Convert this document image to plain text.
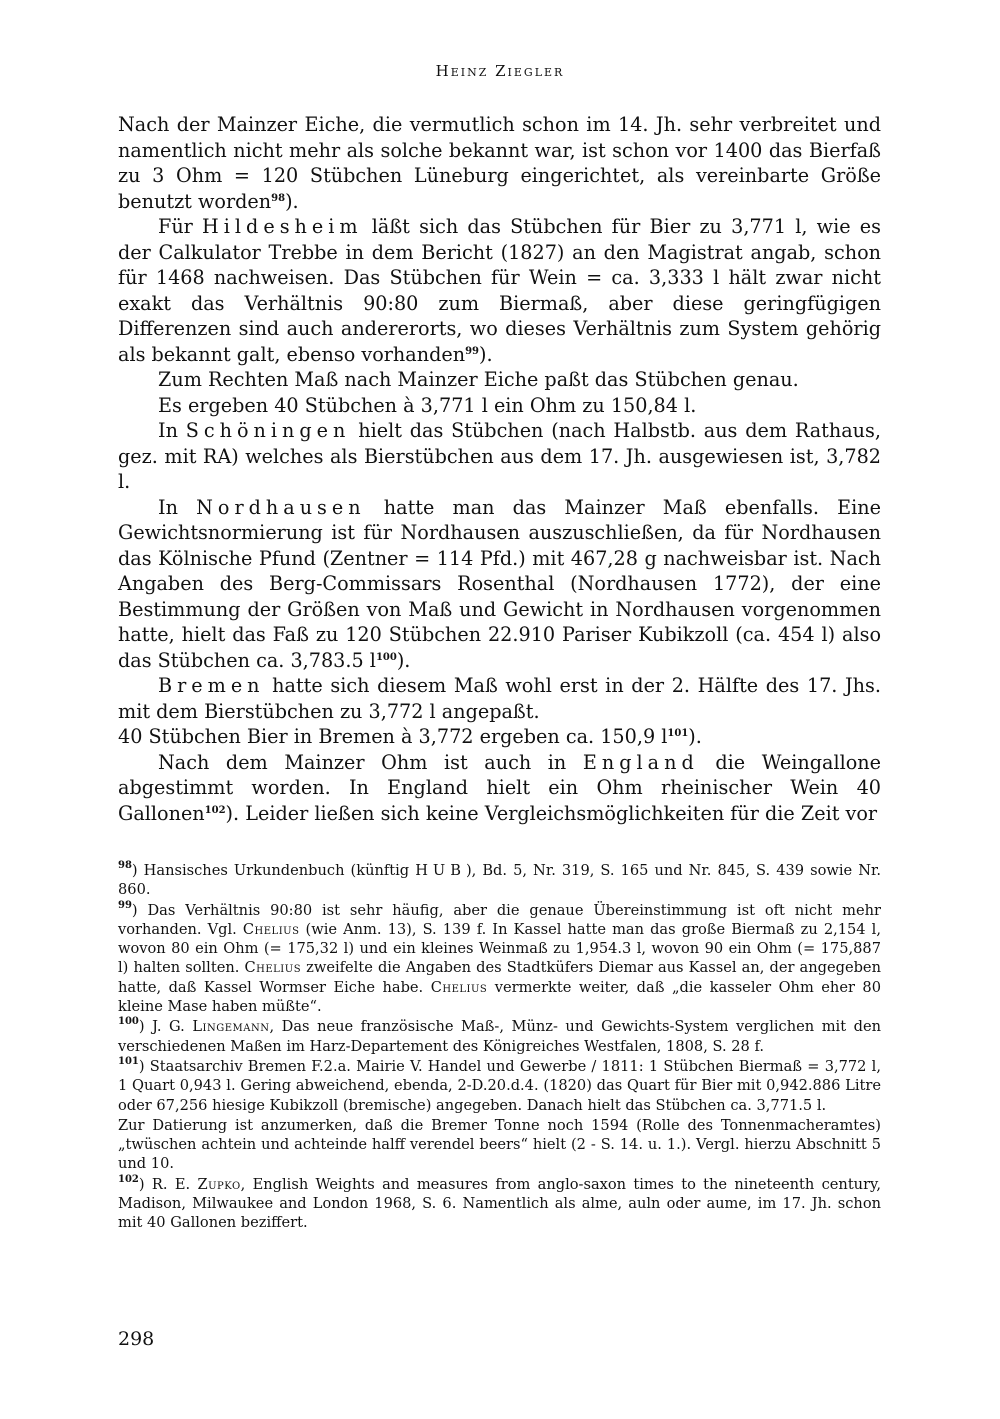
Heinz Ziegler

Nach der Mainzer Eiche, die vermutlich schon im 14. Jh. sehr verbreitet und namentlich nicht mehr als solche bekannt war, ist schon vor 1400 das Bierfaß zu 3 Ohm = 120 Stübchen Lüneburg eingerichtet, als vereinbarte Größe benutzt worden$^{98}$).

Für Hildesheim läßt sich das Stübchen für Bier zu 3,771 l, wie es der Calkulator Trebbe in dem Bericht (1827) an den Magistrat angab, schon für 1468 nachweisen. Das Stübchen für Wein = ca. 3,333 l hält zwar nicht exakt das Verhältnis 90:80 zum Biermaß, aber diese geringfügigen Differenzen sind auch andererorts, wo dieses Verhältnis zum System gehörig als bekannt galt, ebenso vorhanden$^{99}$).

Zum Rechten Maß nach Mainzer Eiche paßt das Stübchen genau.

Es ergeben 40 Stübchen à 3,771 l ein Ohm zu 150,84 l.

In Schöningen hielt das Stübchen (nach Halbstb. aus dem Rathaus, gez. mit RA) welches als Bierstübchen aus dem 17. Jh. ausgewiesen ist, 3,782 l.

In Nordhausen hatte man das Mainzer Maß ebenfalls. Eine Gewichtsnormierung ist für Nordhausen auszuschließen, da für Nordhausen das Kölnische Pfund (Zentner = 114 Pfd.) mit 467,28 g nachweisbar ist. Nach Angaben des Berg-Commissars Rosenthal (Nordhausen 1772), der eine Bestimmung der Größen von Maß und Gewicht in Nordhausen vorgenommen hatte, hielt das Faß zu 120 Stübchen 22.910 Pariser Kubikzoll (ca. 454 l) also das Stübchen ca. 3,783.5 $l^{100}$).

Bremen hatte sich diesem Maß wohl erst in der 2. Hälfte des 17. Jhs. mit dem Bierstübchen zu 3,772 l angepaßt.

40 Stübchen Bier in Bremen à 3,772 ergeben ca. 150,9 $l^{101}$).

Nach dem Mainzer Ohm ist auch in England die Weingallone abgestimmt worden. In England hielt ein Ohm rheinischer Wein 40 Gallonen$^{102}$). Leider ließen sich keine Vergleichsmöglichkeiten für die Zeit vor

$^{98}$) Hansisches Urkundenbuch (künftig HUB), Bd. 5, Nr. 319, S. 165 und Nr. 845, S. 439 sowie Nr. 860.

$^{99}$) Das Verhältnis 90:80 ist sehr häufig, aber die genaue Übereinstimmung ist oft nicht mehr vorhanden. Vgl. Chelius (wie Anm. 13), S. 139 f. In Kassel hatte man das große Biermaß zu 2,154 l, wovon 80 ein Ohm (= 175,32 l) und ein kleines Weinmaß zu 1,954.3 l, wovon 90 ein Ohm (= 175,887 l) halten sollten. Chelius zweifelte die Angaben des Stadtküfers Diemar aus Kassel an, der angegeben hatte, daß Kassel Wormser Eiche habe. Chelius vermerkte weiter, daß „die kasseler Ohm eher 80 kleine Mase haben müßte“.

$^{100}$) J. G. Lingemann, Das neue französische Maß-, Münz- und Gewichts-System verglichen mit den verschiedenen Maßen im Harz-Departement des Königreiches Westfalen, 1808, S. 28 f.

$^{101}$) Staatsarchiv Bremen F.2.a. Mairie V. Handel und Gewerbe / 1811: 1 Stübchen Biermaß = 3,772 l, 1 Quart 0,943 l. Gering abweichend, ebenda, 2-D.20.d.4. (1820) das Quart für Bier mit 0,942.886 Litre oder 67,256 hiesige Kubikzoll (bremische) angegeben. Danach hielt das Stübchen ca. 3,771.5 l.

Zur Datierung ist anzumerken, daß die Bremer Tonne noch 1594 (Rolle des Tonnenmacheramtes) „twüschen achtein und achteinde halff verendel beers“ hielt (2 - S. 14. u. 1.). Vergl. hierzu Abschnitt 5 und 10.

$^{102}$) R. E. Zupko, English Weights and measures from anglo-saxon times to the nineteenth century, Madison, Milwaukee and London 1968, S. 6. Namentlich als alme, auln oder aume, im 17. Jh. schon mit 40 Gallonen beziffert.

298
